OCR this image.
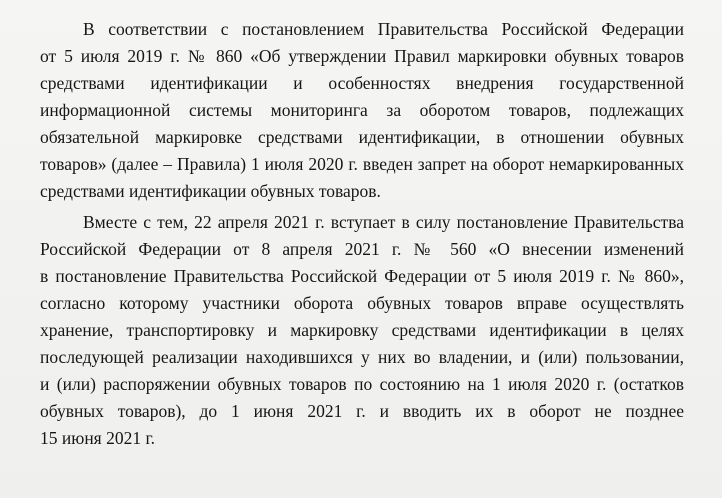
В соответствии с постановлением Правительства Российской Федерации
от 5 июля 2019 г. № 860 «Об утверждении Правил маркировки обувных товаров
средствами идентификации и особенностях внедрения государственной
информационной системы мониторинга за оборотом товаров, подлежащих
обязательной маркировке средствами идентификации, в отношении обувных
товаров» (далее – Правила) 1 июля 2020 г. введен запрет на оборот немаркированных
средствами идентификации обувных товаров.
Вместе с тем, 22 апреля 2021 г. вступает в силу постановление Правительства
Российской Федерации от 8 апреля 2021 г. № 560 «О внесении изменений
в постановление Правительства Российской Федерации от 5 июля 2019 г. № 860»,
согласно которому участники оборота обувных товаров вправе осуществлять
хранение, транспортировку и маркировку средствами идентификации в целях
последующей реализации находившихся у них во владении, и (или) пользовании,
и (или) распоряжении обувных товаров по состоянию на 1 июля 2020 г. (остатков
обувных товаров), до 1 июня 2021 г. и вводить их в оборот не позднее
15 июня 2021 г.
